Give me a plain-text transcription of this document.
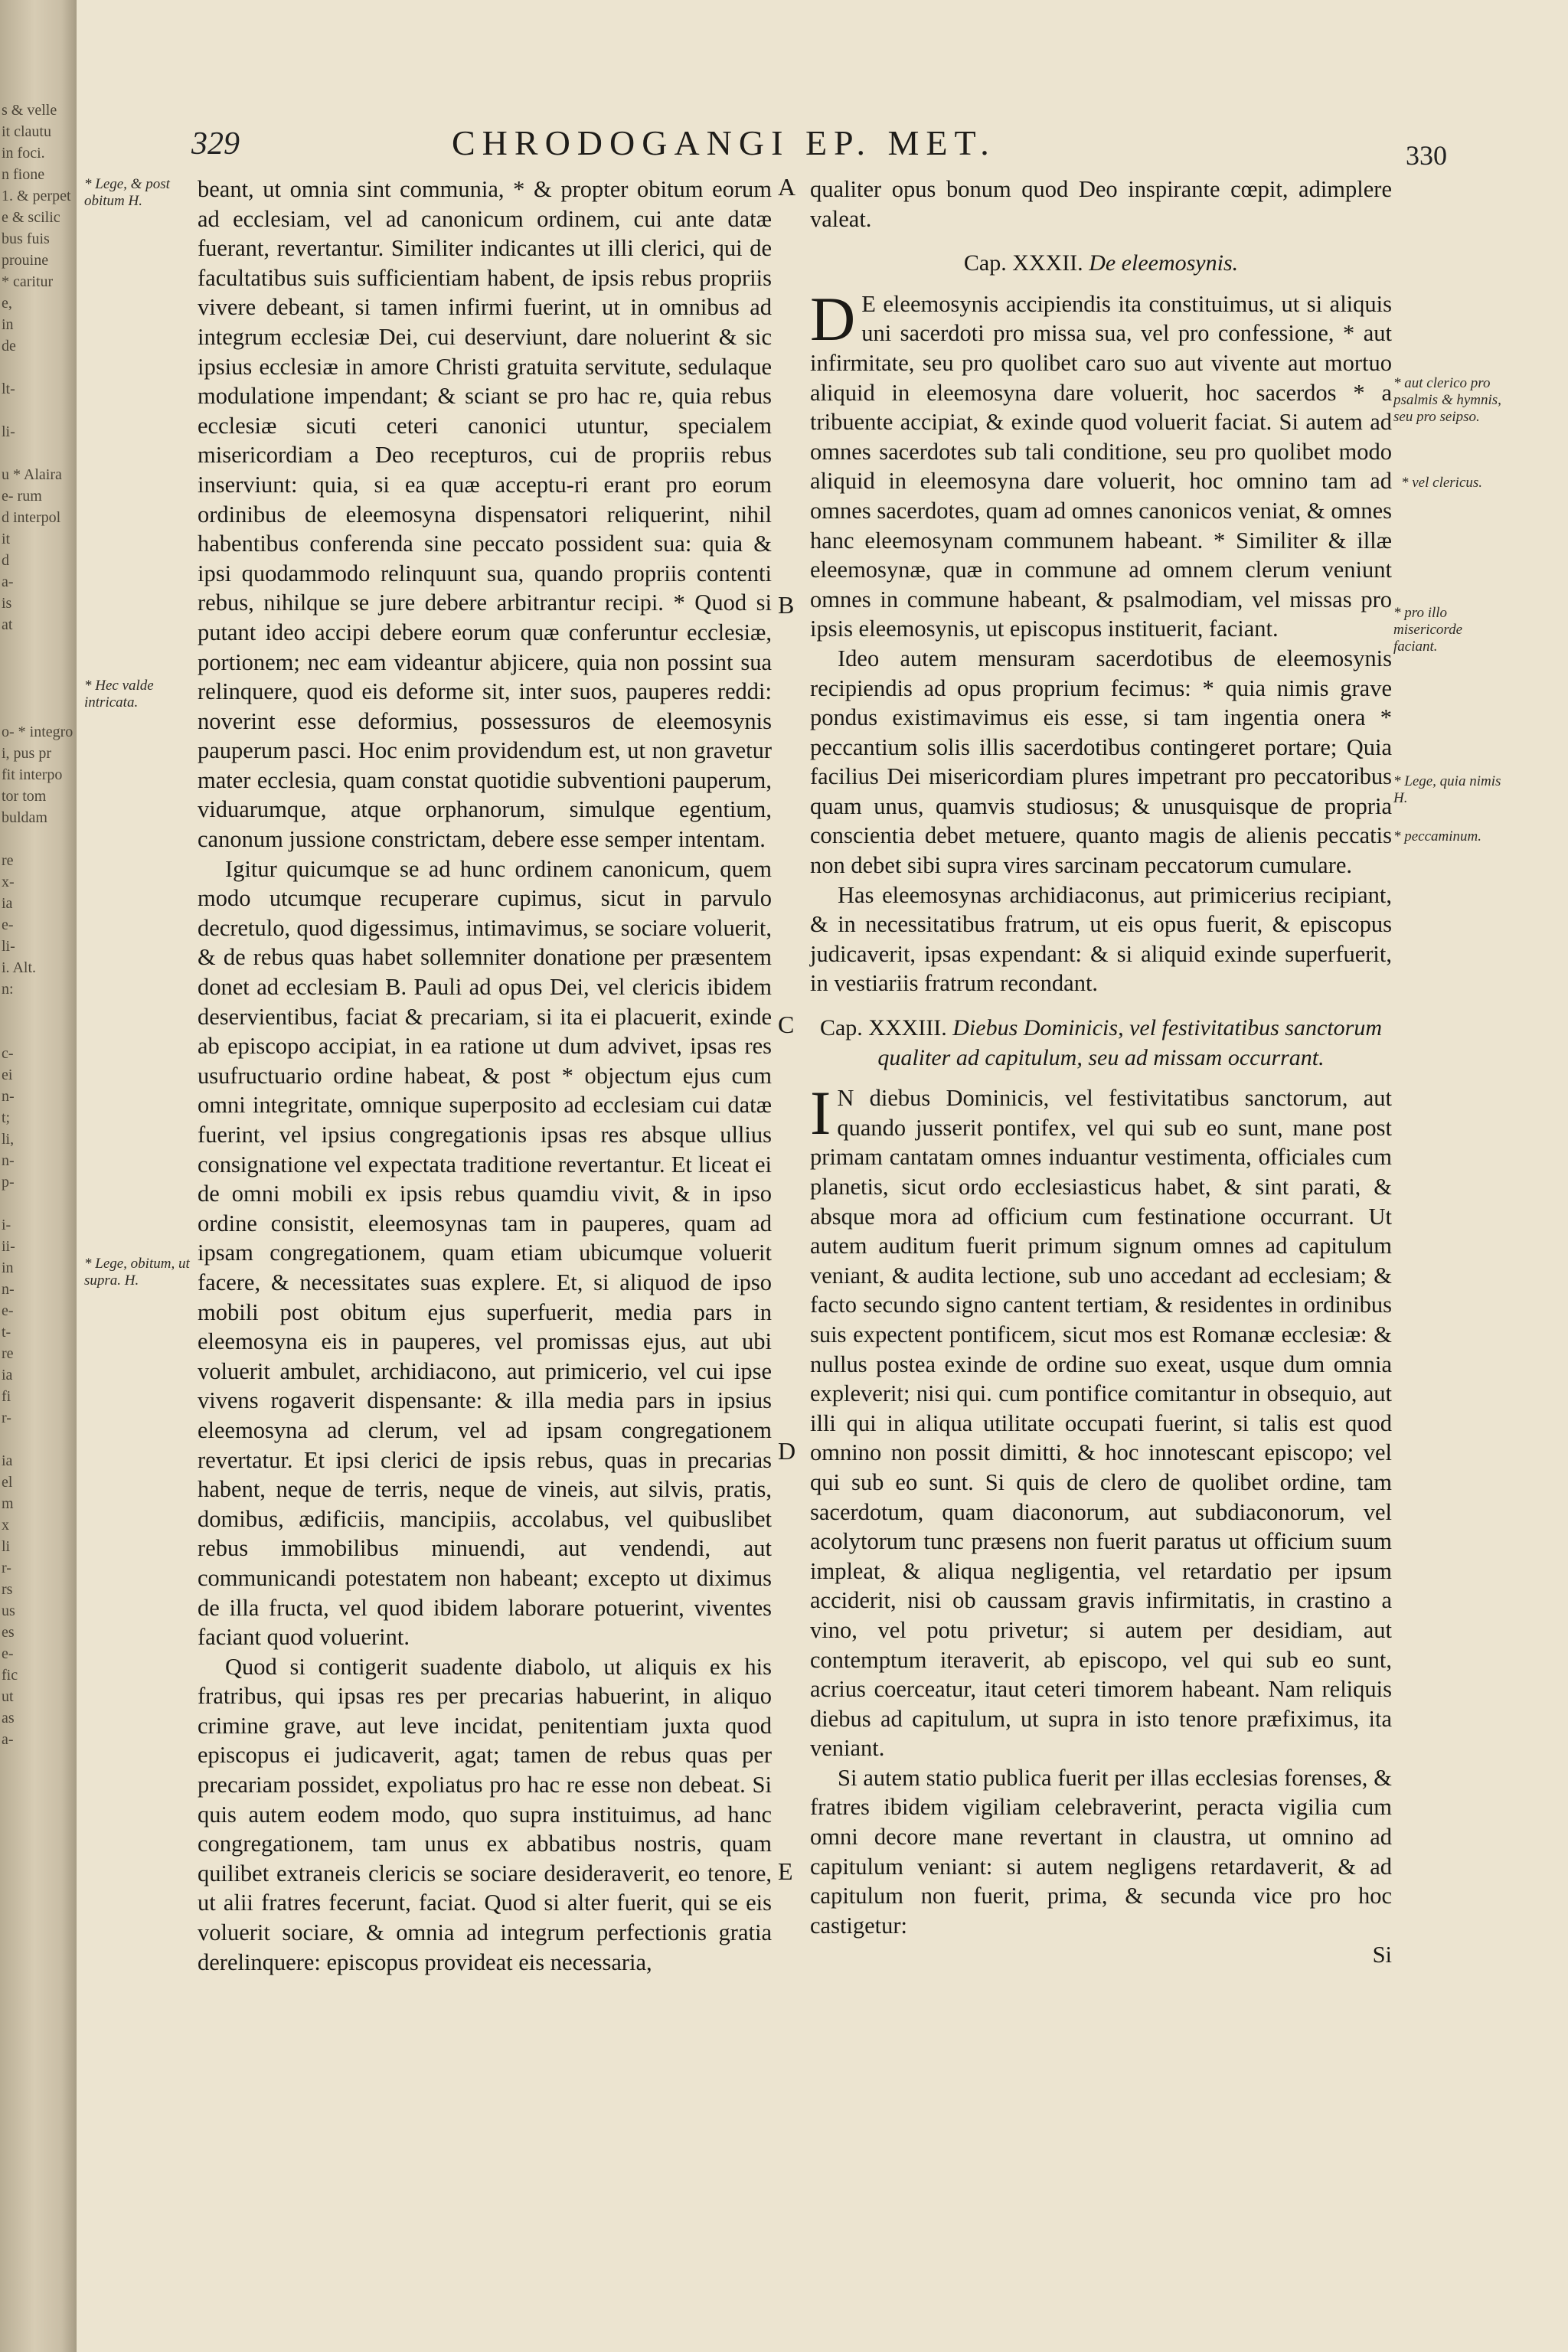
s & velle
it clautu
in foci.
n fione
1. & perpet
e & scilic
bus fuis
prouine
* caritur
e,
in
de
lt-
li-
u * Alaira
e- rum
d interpol
it
d
a-
is
at
o- * integro
i, pus pr
fit interpo
tor tom
buldam
re
x-
ia
e-
li-
i. Alt.
n:
c-
ei
n-
t;
li,
n-
p-
i-
ii-
in
n-
e-
t-
re
ia
fi
r-
ia
el
m
x
li
r-
rs
us
es
e-
fic
ut
as
a-
329	CHRODOGANGI EP. MET.	330
* Lege, & post obitum H.
* Hec valde intricata.
* Lege, obitum, ut supra. H.
* aut clerico pro psalmis & hymnis, seu pro seipso.
* vel clericus.
* pro illo misericorde faciant.
* Lege, quia nimis H.
* peccaminum.
A
B
C
D
E

beant, ut omnia sint communia, * & propter obitum eorum ad ecclesiam, vel ad canonicum ordinem, cui ante datæ fuerant, revertantur. Similiter indicantes ut illi clerici, qui de facultatibus suis sufficientiam habent, de ipsis rebus propriis vivere debeant, si tamen infirmi fuerint, ut in omnibus ad integrum ecclesiæ Dei, cui deserviunt, dare noluerint & sic ipsius ecclesiæ in amore Christi gratuita servitute, sedulaque modulatione impendant; & sciant se pro hac re, quia rebus ecclesiæ sicuti ceteri canonici utuntur, specialem misericordiam a Deo recepturos, cui de propriis rebus inserviunt: quia, si ea quæ acceptu-ri erant pro eorum ordinibus de eleemosyna dispensatori reliquerint, nihil habentibus conferenda sine peccato possident sua: quia & ipsi quodammodo relinquunt sua, quando propriis contenti rebus, nihilque se jure debere arbitrantur recipi. * Quod si putant ideo accipi debere eorum quæ conferuntur ecclesiæ, portionem; nec eam videantur abjicere, quia non possint sua relinquere, quod eis deforme sit, inter suos, pauperes reddi: noverint esse deformius, possessuros de eleemosynis pauperum pasci. Hoc enim providendum est, ut non gravetur mater ecclesia, quam constat quotidie subventioni pauperum, viduarumque, atque orphanorum, simulque egentium, canonum jussione constrictam, debere esse semper intentam.

Igitur quicumque se ad hunc ordinem canonicum, quem modo utcumque recuperare cupimus, sicut in parvulo decretulo, quod digessimus, intimavimus, se sociare voluerit, & de rebus quas habet sollemniter donatione per præsentem donet ad ecclesiam B. Pauli ad opus Dei, vel clericis ibidem deservientibus, faciat & precariam, si ita ei placuerit, exinde ab episcopo accipiat, in ea ratione ut dum advivet, ipsas res usufructuario ordine habeat, & post * objectum ejus cum omni integritate, omnique superposito ad ecclesiam cui datæ fuerint, vel ipsius congregationis ipsas res absque ullius consignatione vel expectata traditione revertantur. Et liceat ei de omni mobili ex ipsis rebus quamdiu vivit, & in ipso ordine consistit, eleemosynas tam in pauperes, quam ad ipsam congregationem, quam etiam ubicumque voluerit facere, & necessitates suas explere. Et, si aliquod de ipso mobili post obitum ejus superfuerit, media pars in eleemosyna eis in pauperes, vel promissas ejus, aut ubi voluerit ambulet, archidiacono, aut primicerio, vel cui ipse vivens rogaverit dispensante: & illa media pars in ipsius eleemosyna ad clerum, vel ad ipsam congregationem revertatur. Et ipsi clerici de ipsis rebus, quas in precarias habent, neque de terris, neque de vineis, aut silvis, pratis, domibus, ædificiis, mancipiis, accolabus, vel quibuslibet rebus immobilibus minuendi, aut vendendi, aut communicandi potestatem non habeant; excepto ut diximus de illa fructa, vel quod ibidem laborare potuerint, viventes faciant quod voluerint.

Quod si contigerit suadente diabolo, ut aliquis ex his fratribus, qui ipsas res per precarias habuerint, in aliquo crimine grave, aut leve incidat, penitentiam juxta quod episcopus ei judicaverit, agat; tamen de rebus quas per precariam possidet, expoliatus pro hac re esse non debeat. Si quis autem eodem modo, quo supra instituimus, ad hanc congregationem, tam unus ex abbatibus nostris, quam quilibet extraneis clericis se sociare desideraverit, eo tenore, ut alii fratres fecerunt, faciat. Quod si alter fuerit, qui se eis voluerit sociare, & omnia ad integrum perfectionis gratia derelinquere: episcopus provideat eis necessaria,

qualiter opus bonum quod Deo inspirante cœpit, adimplere valeat.

Cap. XXXII. De eleemosynis.

D E eleemosynis accipiendis ita constituimus, ut si aliquis uni sacerdoti pro missa sua, vel pro confessione, * aut infirmitate, seu pro quolibet caro suo aut vivente aut mortuo aliquid in eleemosyna dare voluerit, hoc sacerdos * a tribuente accipiat, & exinde quod voluerit faciat. Si autem ad omnes sacerdotes sub tali conditione, seu pro quolibet modo aliquid in eleemosyna dare voluerit, hoc omnino tam ad omnes sacerdotes, quam ad omnes canonicos veniat, & omnes hanc eleemosynam communem habeant. * Similiter & illæ eleemosynæ, quæ in commune ad omnem clerum veniunt omnes in commune habeant, & psalmodiam, vel missas pro ipsis eleemosynis, ut episcopus instituerit, faciant.

Ideo autem mensuram sacerdotibus de eleemosynis recipiendis ad opus proprium fecimus: * quia nimis grave pondus existimavimus eis esse, si tam ingentia onera * peccantium solis illis sacerdotibus contingeret portare; Quia facilius Dei misericordiam plures impetrant pro peccatoribus quam unus, quamvis studiosus; & unusquisque de propria conscientia debet metuere, quanto magis de alienis peccatis non debet sibi supra vires sarcinam peccatorum cumulare.

Has eleemosynas archidiaconus, aut primicerius recipiant, & in necessitatibus fratrum, ut eis opus fuerit, & episcopus judicaverit, ipsas expendant: & si aliquid exinde superfuerit, in vestiariis fratrum recondant.

Cap. XXXIII. Diebus Dominicis, vel festivitatibus sanctorum qualiter ad capitulum, seu ad missam occurrant.

I N diebus Dominicis, vel festivitatibus sanctorum, aut quando jusserit pontifex, vel qui sub eo sunt, mane post primam cantatam omnes induantur vestimenta, officiales cum planetis, sicut ordo ecclesiasticus habet, & sint parati, & absque mora ad officium cum festinatione occurrant. Ut autem auditum fuerit primum signum omnes ad capitulum veniant, & audita lectione, sub uno accedant ad ecclesiam; & facto secundo signo cantent tertiam, & residentes in ordinibus suis expectent pontificem, sicut mos est Romanæ ecclesiæ: & nullus postea exinde de ordine suo exeat, usque dum omnia expleverit; nisi qui. cum pontifice comitantur in obsequio, aut illi qui in aliqua utilitate occupati fuerint, si talis est quod omnino non possit dimitti, & hoc innotescant episcopo; vel qui sub eo sunt. Si quis de clero de quolibet ordine, tam sacerdotum, quam diaconorum, aut subdiaconorum, vel acolytorum tunc præsens non fuerit paratus ut officium suum impleat, & aliqua negligentia, vel retardatio per ipsum acciderit, nisi ob caussam gravis infirmitatis, in crastino a vino, vel potu privetur; si autem per desidiam, aut contemptum iteraverit, ab episcopo, vel qui sub eo sunt, acrius coerceatur, itaut ceteri timorem habeant. Nam reliquis diebus ad capitulum, ut supra in isto tenore præfiximus, ita veniant.

Si autem statio publica fuerit per illas ecclesias forenses, & fratres ibidem vigiliam celebraverint, peracta vigilia cum omni decore mane revertant in claustra, ut omnino ad capitulum veniant: si autem negligens retardaverit, & ad capitulum non fuerit, prima, & secunda vice pro hoc castigetur:

Si
